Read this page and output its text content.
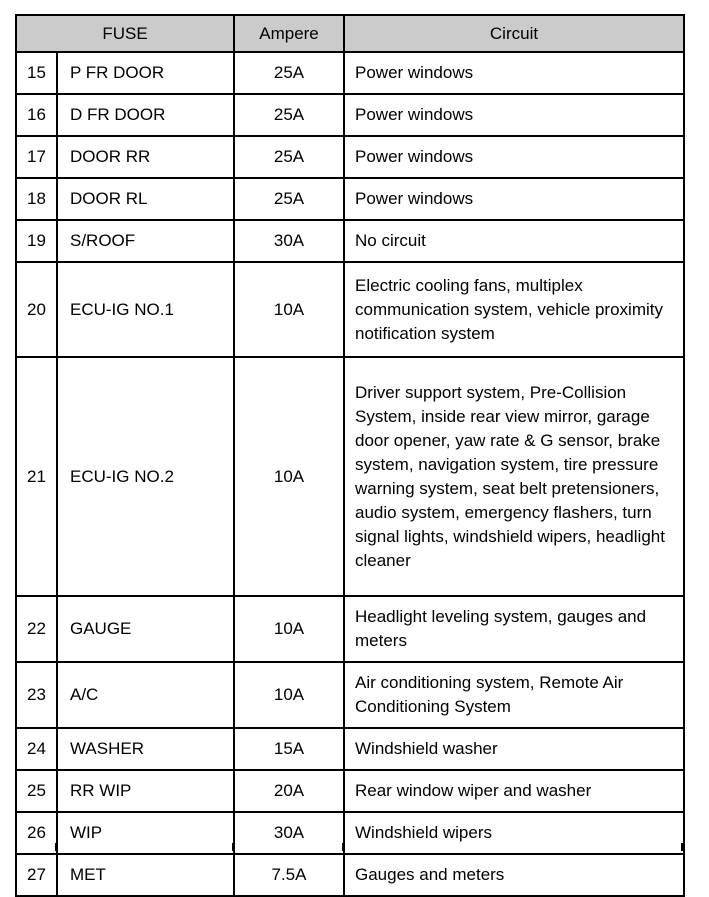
FUSE		Ampere	Circuit
15	P FR DOOR	25A	Power windows
16	D FR DOOR	25A	Power windows
17	DOOR RR	25A	Power windows
18	DOOR RL	25A	Power windows
19	S/ROOF	30A	No circuit
20	ECU-IG NO.1	10A	Electric cooling fans, multiplex communication system, vehicle proximity notification system
21	ECU-IG NO.2	10A	Driver support system, Pre-Collision System, inside rear view mirror, garage door opener, yaw rate & G sensor, brake system, navigation system, tire pressure warning system, seat belt pretensioners, audio system, emergency flashers, turn signal lights, windshield wipers, headlight cleaner
22	GAUGE	10A	Headlight leveling system, gauges and meters
23	A/C	10A	Air conditioning system, Remote Air Conditioning System
24	WASHER	15A	Windshield washer
25	RR WIP	20A	Rear window wiper and washer
26	WIP	30A	Windshield wipers
27	MET	7.5A	Gauges and meters
